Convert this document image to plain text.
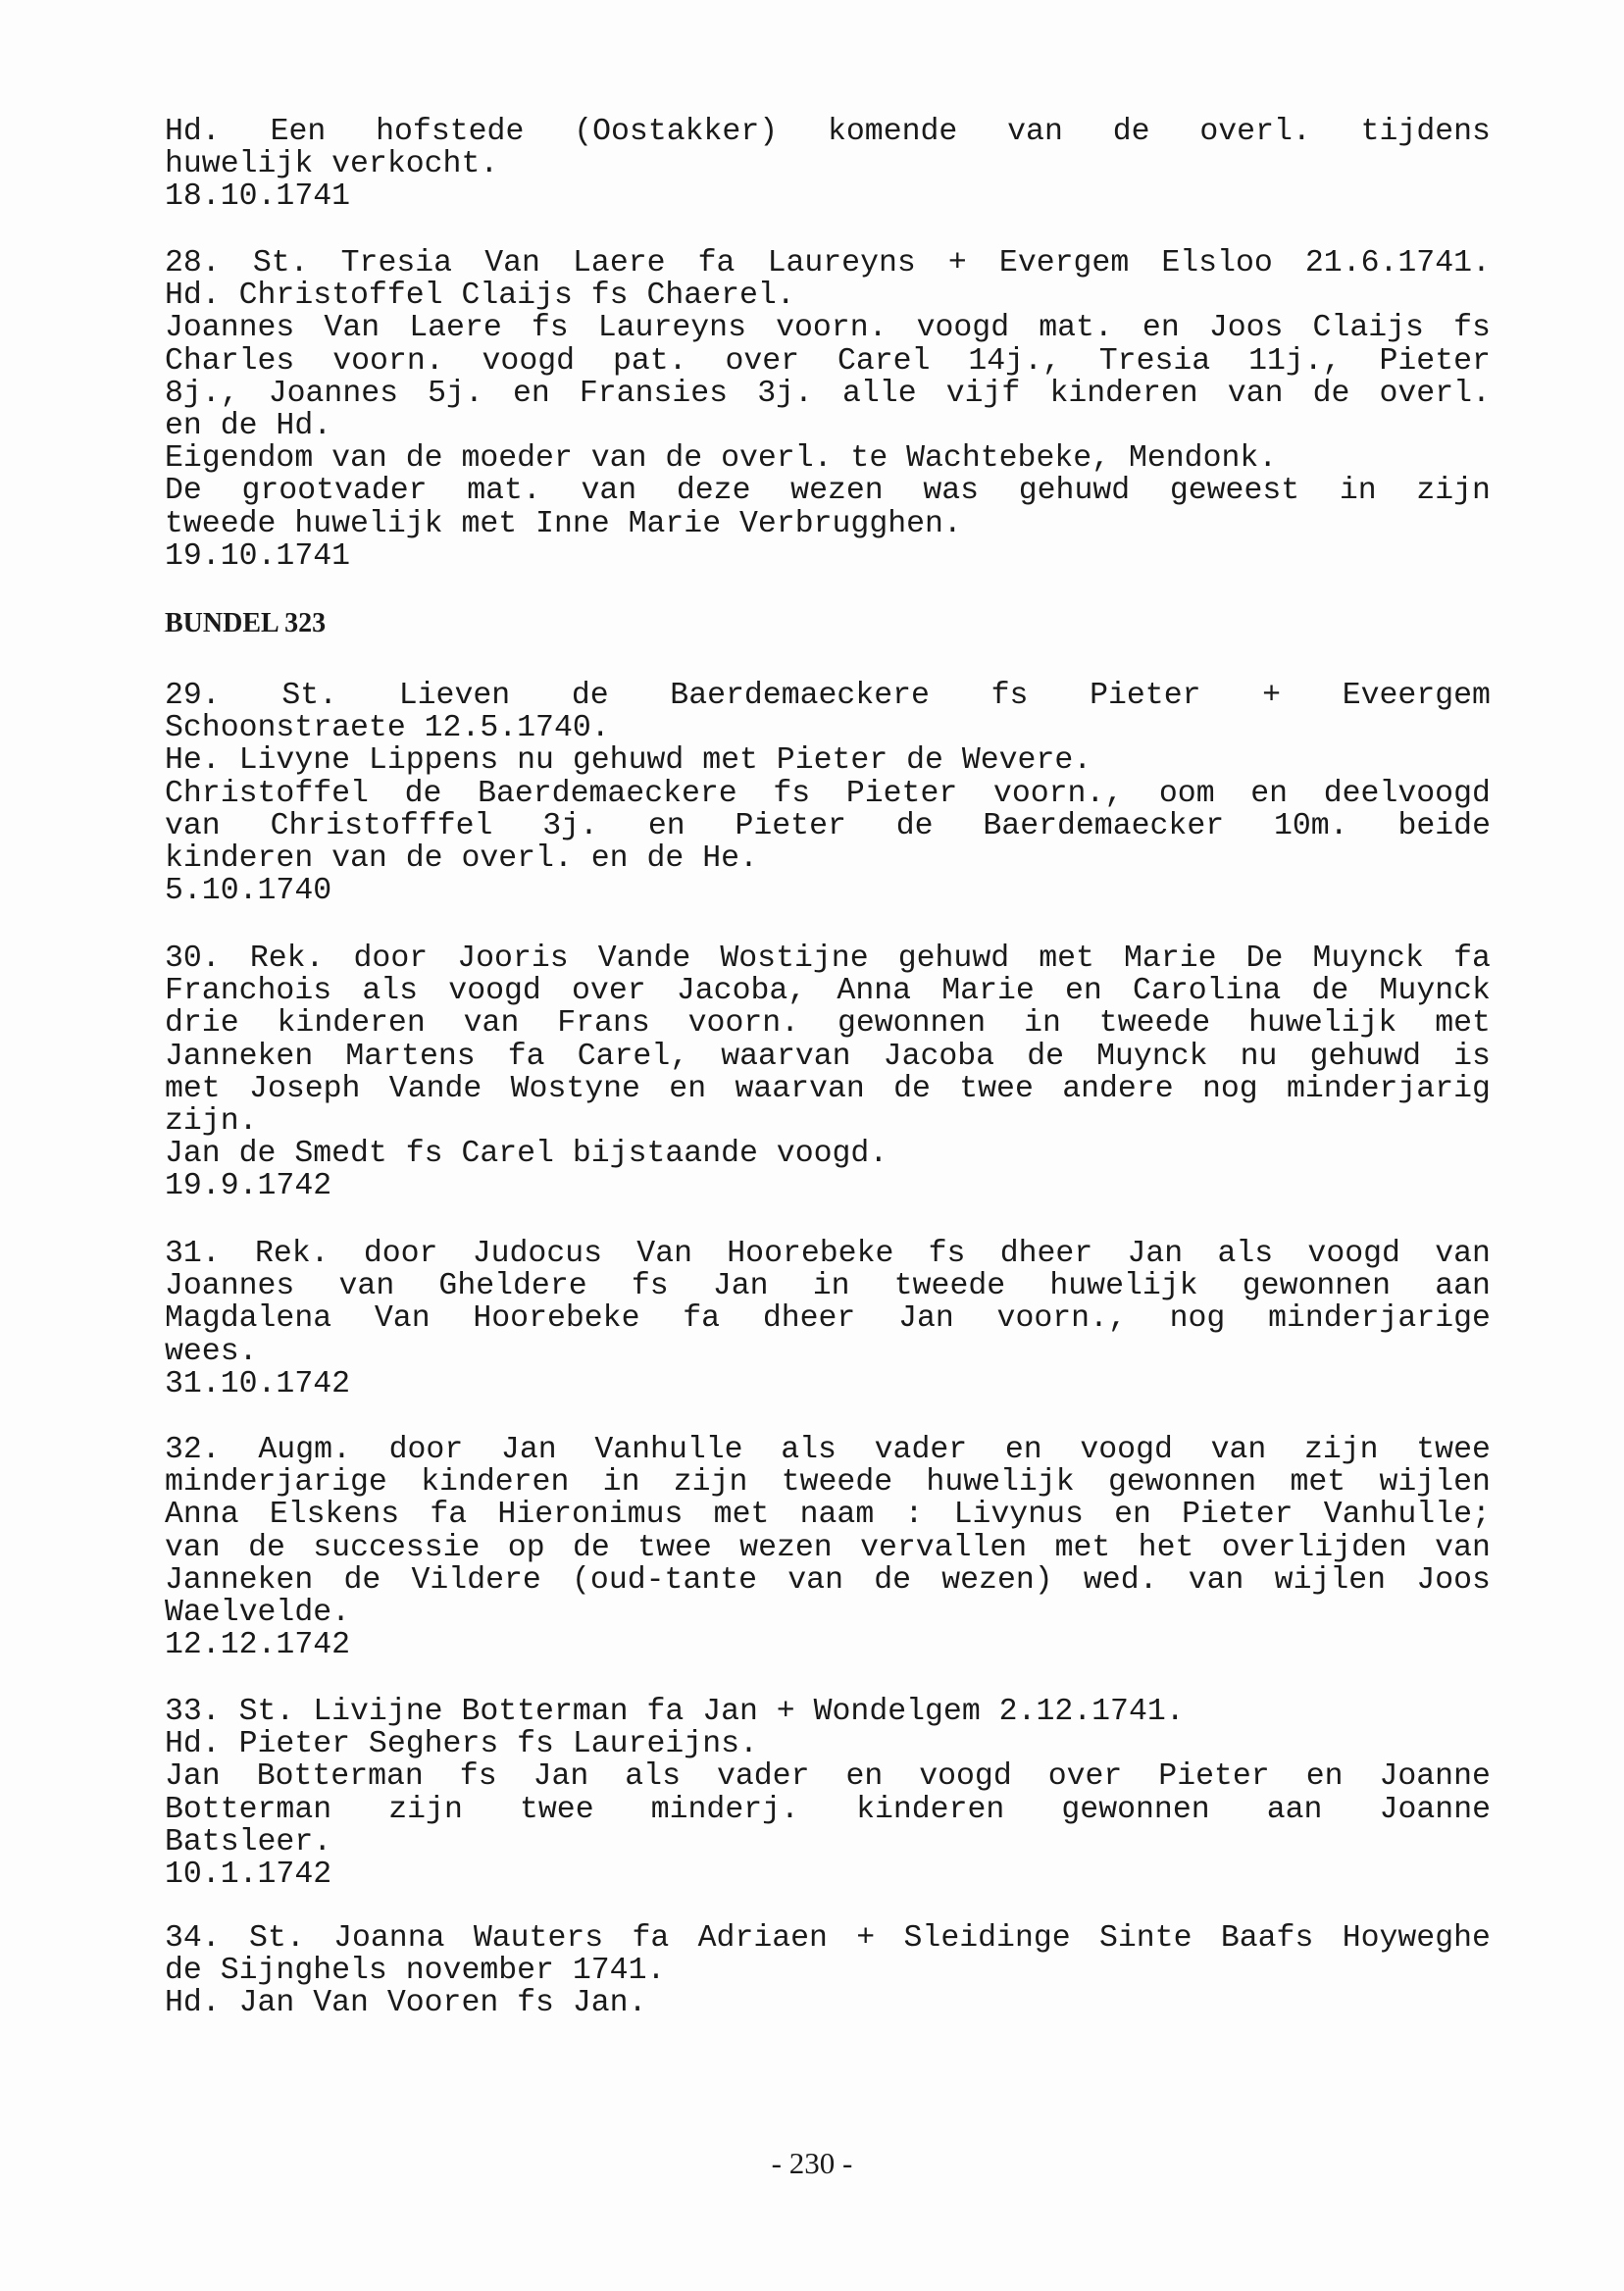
Hd. Een hofstede (Oostakker) komende van de overl. tijdens
huwelijk verkocht.
18.10.1741
28. St. Tresia Van Laere fa Laureyns + Evergem Elsloo 21.6.1741.
Hd. Christoffel Claijs fs Chaerel.
Joannes Van Laere fs Laureyns voorn. voogd mat. en Joos Claijs fs
Charles voorn. voogd pat. over Carel 14j., Tresia 11j., Pieter
8j., Joannes 5j. en Fransies 3j. alle vijf kinderen van de overl.
en de Hd.
Eigendom van de moeder van de overl. te Wachtebeke, Mendonk.
De grootvader mat. van deze wezen was gehuwd geweest in zijn
tweede huwelijk met Inne Marie Verbrugghen.
19.10.1741
BUNDEL 323
29. St. Lieven de Baerdemaeckere fs Pieter + Eveergem
Schoonstraete 12.5.1740.
He. Livyne Lippens nu gehuwd met Pieter de Wevere.
Christoffel de Baerdemaeckere fs Pieter voorn., oom en deelvoogd
van Christofffel 3j. en Pieter de Baerdemaecker 10m. beide
kinderen van de overl. en de He.
5.10.1740
30. Rek. door Jooris Vande Wostijne gehuwd met Marie De Muynck fa
Franchois als voogd over Jacoba, Anna Marie en Carolina de Muynck
drie kinderen van Frans voorn. gewonnen in tweede huwelijk met
Janneken Martens fa Carel, waarvan Jacoba de Muynck nu gehuwd is
met Joseph Vande Wostyne en waarvan de twee andere nog minderjarig
zijn.
Jan de Smedt fs Carel bijstaande voogd.
19.9.1742
31. Rek. door Judocus Van Hoorebeke fs dheer Jan als voogd van
Joannes van Gheldere fs Jan in tweede huwelijk gewonnen aan
Magdalena Van Hoorebeke fa dheer Jan voorn., nog minderjarige
wees.
31.10.1742
32. Augm. door Jan Vanhulle als vader en voogd van zijn twee
minderjarige kinderen in zijn tweede huwelijk gewonnen met wijlen
Anna Elskens fa Hieronimus met naam : Livynus en Pieter Vanhulle;
van de successie op de twee wezen vervallen met het overlijden van
Janneken de Vildere (oud-tante van de wezen) wed. van wijlen Joos
Waelvelde.
12.12.1742
33. St. Livijne Botterman fa Jan + Wondelgem 2.12.1741.
Hd. Pieter Seghers fs Laureijns.
Jan Botterman fs Jan als vader en voogd over Pieter en Joanne
Botterman zijn twee minderj. kinderen gewonnen aan Joanne
Batsleer.
10.1.1742
34. St. Joanna Wauters fa Adriaen + Sleidinge Sinte Baafs Hoyweghe
de Sijnghels november 1741.
Hd. Jan Van Vooren fs Jan.
- 230 -
